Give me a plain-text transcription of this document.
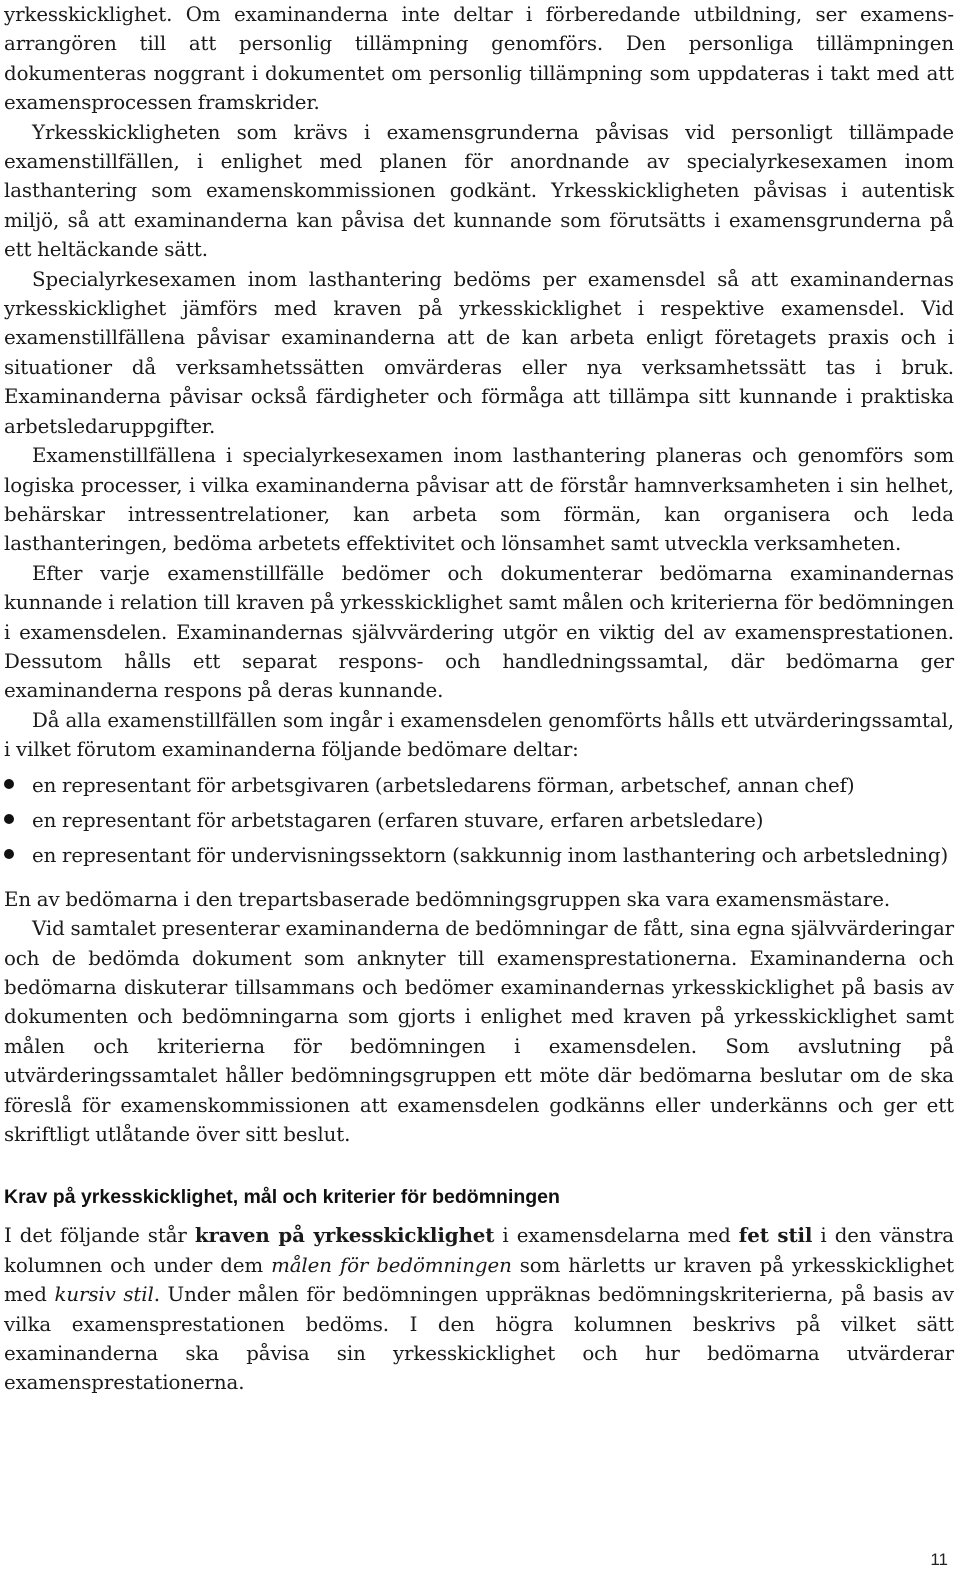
yrkesskicklighet. Om examinanderna inte deltar i förberedande utbildning, ser examensarrangören till att personlig tillämpning genomförs. Den personliga tillämpningen dokumenteras noggrant i dokumentet om personlig tillämpning som uppdateras i takt med att examensprocessen framskrider.

Yrkesskickligheten som krävs i examensgrunderna påvisas vid personligt tillämpade examenstillfällen, i enlighet med planen för anordnande av specialyrkesexamen inom lasthantering som examenskommissionen godkänt. Yrkesskickligheten påvisas i autentisk miljö, så att examinanderna kan påvisa det kunnande som förutsätts i examensgrunderna på ett heltäckande sätt.

Specialyrkesexamen inom lasthantering bedöms per examensdel så att examinandernas yrkesskicklighet jämförs med kraven på yrkesskicklighet i respektive examensdel. Vid examenstillfällena påvisar examinanderna att de kan arbeta enligt företagets praxis och i situationer då verksamhetssätten omvärderas eller nya verksamhetssätt tas i bruk. Examinanderna påvisar också färdigheter och förmåga att tillämpa sitt kunnande i praktiska arbetsledaruppgifter.

Examenstillfällena i specialyrkesexamen inom lasthantering planeras och genomförs som logiska processer, i vilka examinanderna påvisar att de förstår hamnverksamheten i sin helhet, behärskar intressentrelationer, kan arbeta som förmän, kan organisera och leda lasthanteringen, bedöma arbetets effektivitet och lönsamhet samt utveckla verksamheten.

Efter varje examenstillfälle bedömer och dokumenterar bedömarna examinandernas kunnande i relation till kraven på yrkesskicklighet samt målen och kriterierna för bedömningen i examensdelen. Examinandernas självvärdering utgör en viktig del av examensprestationen. Dessutom hålls ett separat respons- och handledningssamtal, där bedömarna ger examinanderna respons på deras kunnande.

Då alla examenstillfällen som ingår i examensdelen genomförts hålls ett utvärderingssamtal, i vilket förutom examinanderna följande bedömare deltar:

en representant för arbetsgivaren (arbetsledarens förman, arbetschef, annan chef)
en representant för arbetstagaren (erfaren stuvare, erfaren arbetsledare)
en representant för undervisningssektorn (sakkunnig inom lasthantering och arbetsledning)

En av bedömarna i den trepartsbaserade bedömningsgruppen ska vara examensmästare.

Vid samtalet presenterar examinanderna de bedömningar de fått, sina egna självvärderingar och de bedömda dokument som anknyter till examensprestationerna. Examinanderna och bedömarna diskuterar tillsammans och bedömer examinandernas yrkesskicklighet på basis av dokumenten och bedömningarna som gjorts i enlighet med kraven på yrkesskicklighet samt målen och kriterierna för bedömningen i examensdelen. Som avslutning på utvärderingssamtalet håller bedömningsgruppen ett möte där bedömarna beslutar om de ska föreslå för examenskommissionen att examensdelen godkänns eller underkänns och ger ett skriftligt utlåtande över sitt beslut.

Krav på yrkesskicklighet, mål och kriterier för bedömningen

I det följande står kraven på yrkesskicklighet i examensdelarna med fet stil i den vänstra kolumnen och under dem målen för bedömningen som härletts ur kraven på yrkesskicklighet med kursiv stil. Under målen för bedömningen uppräknas bedömningskriterierna, på basis av vilka examensprestationen bedöms. I den högra kolumnen beskrivs på vilket sätt examinanderna ska påvisa sin yrkesskicklighet och hur bedömarna utvärderar examensprestationerna.

11
